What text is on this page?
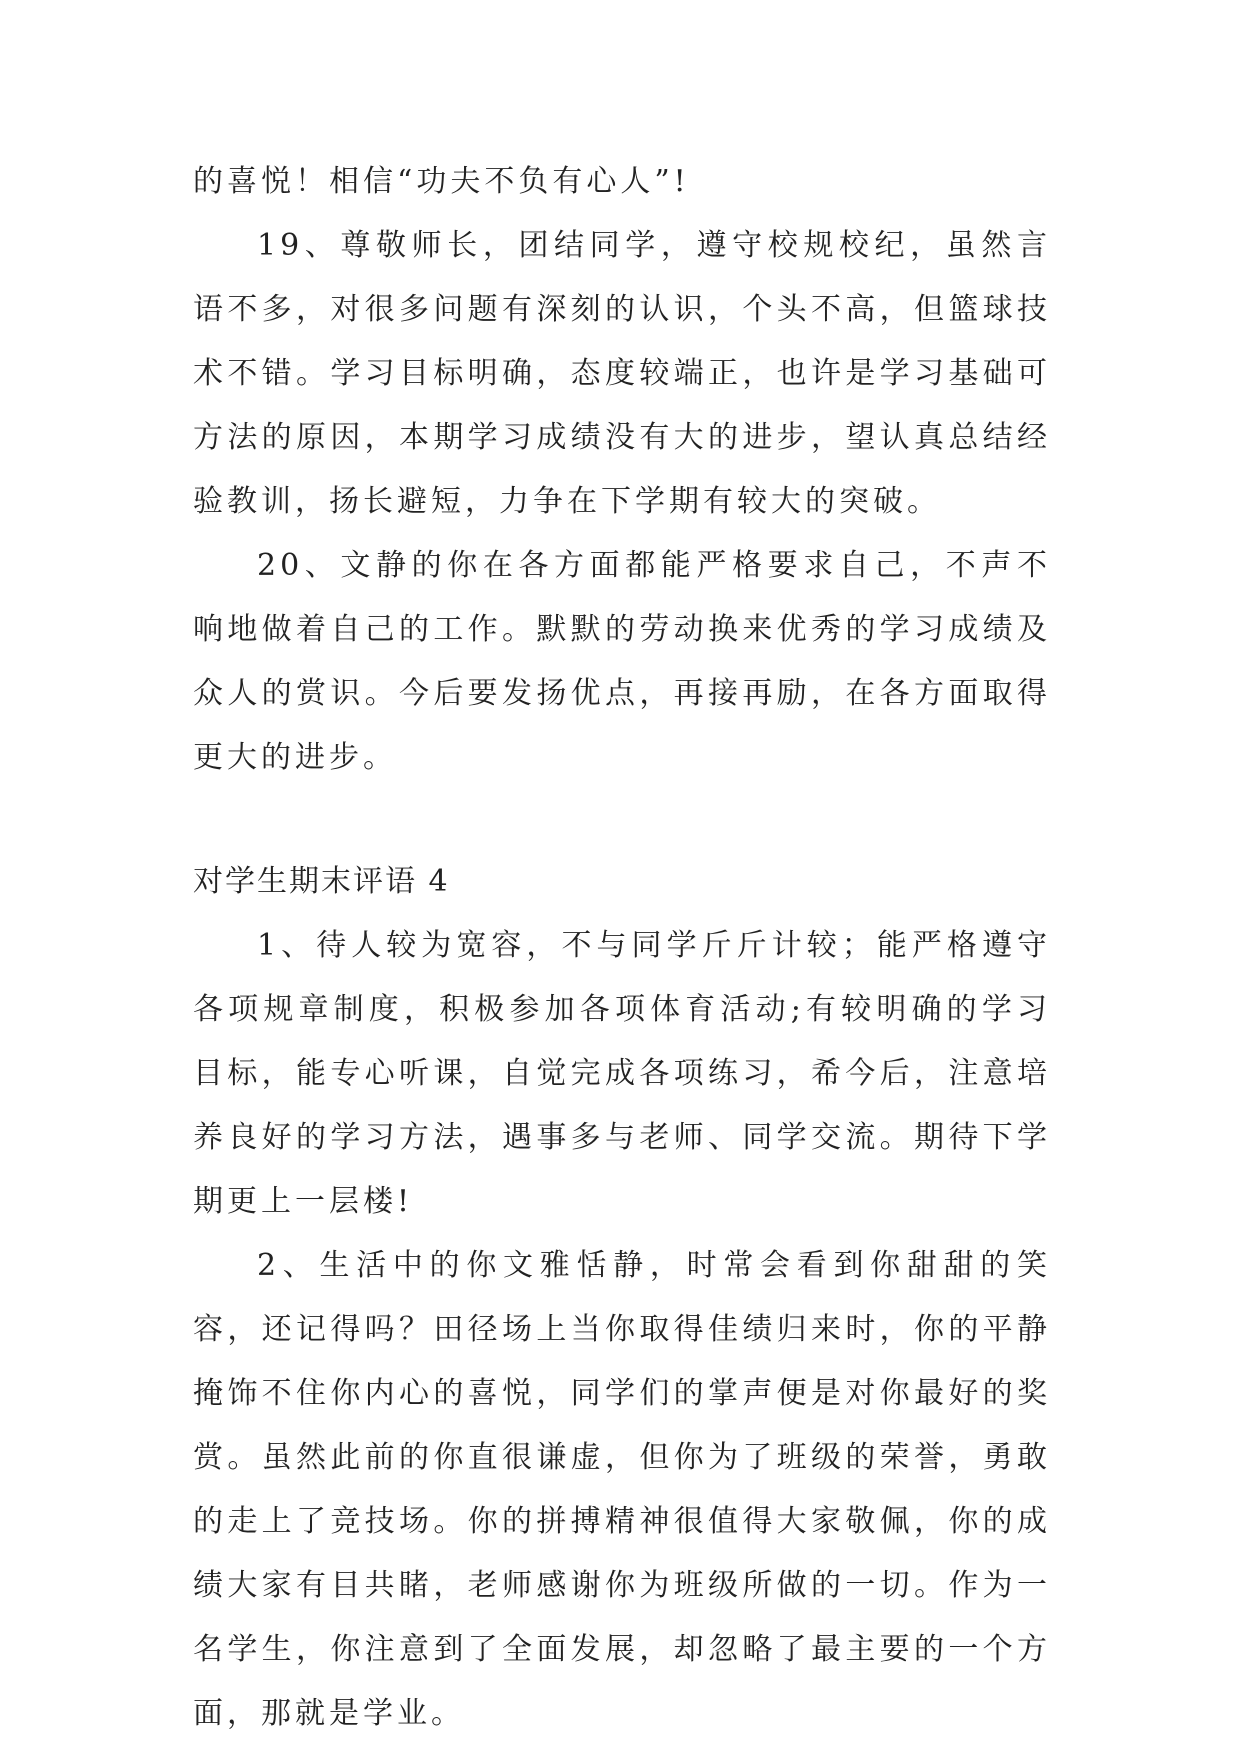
的喜悦！相信“功夫不负有心人”!

19、尊敬师长，团结同学，遵守校规校纪，虽然言语不多，对很多问题有深刻的认识，个头不高，但篮球技术不错。学习目标明确，态度较端正，也许是学习基础可方法的原因，本期学习成绩没有大的进步，望认真总结经验教训，扬长避短，力争在下学期有较大的突破。

20、文静的你在各方面都能严格要求自己，不声不响地做着自己的工作。默默的劳动换来优秀的学习成绩及众人的赏识。今后要发扬优点，再接再励，在各方面取得更大的进步。

对学生期末评语 4

1、待人较为宽容，不与同学斤斤计较；能严格遵守各项规章制度，积极参加各项体育活动;有较明确的学习目标，能专心听课，自觉完成各项练习，希今后，注意培养良好的学习方法，遇事多与老师、同学交流。期待下学期更上一层楼!

2、生活中的你文雅恬静，时常会看到你甜甜的笑容，还记得吗？田径场上当你取得佳绩归来时，你的平静掩饰不住你内心的喜悦，同学们的掌声便是对你最好的奖赏。虽然此前的你直很谦虚，但你为了班级的荣誉，勇敢的走上了竞技场。你的拼搏精神很值得大家敬佩，你的成绩大家有目共睹，老师感谢你为班级所做的一切。作为一名学生，你注意到了全面发展，却忽略了最主要的一个方面，那就是学业。
